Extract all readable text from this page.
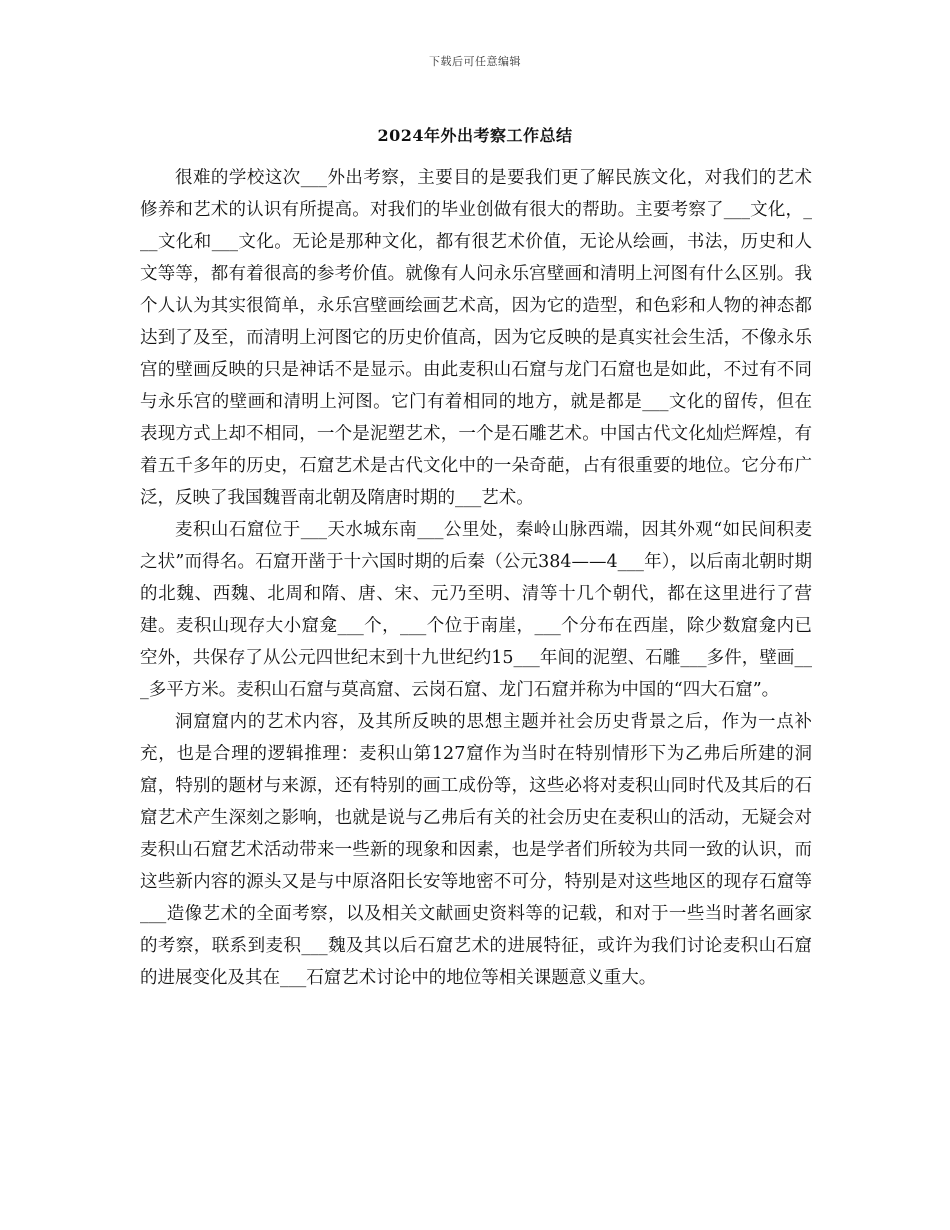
下载后可任意编辑
2024年外出考察工作总结

很难的学校这次___外出考察，主要目的是要我们更了解民族文化，对我们的艺术修养和艺术的认识有所提高。对我们的毕业创做有很大的帮助。主要考察了___文化，___文化和___文化。无论是那种文化，都有很艺术价值，无论从绘画，书法，历史和人文等等，都有着很高的参考价值。就像有人问永乐宫壁画和清明上河图有什么区别。我个人认为其实很简单，永乐宫壁画绘画艺术高，因为它的造型，和色彩和人物的神态都达到了及至，而清明上河图它的历史价值高，因为它反映的是真实社会生活，不像永乐宫的壁画反映的只是神话不是显示。由此麦积山石窟与龙门石窟也是如此，不过有不同与永乐宫的壁画和清明上河图。它门有着相同的地方，就是都是___文化的留传，但在表现方式上却不相同，一个是泥塑艺术，一个是石雕艺术。中国古代文化灿烂辉煌，有着五千多年的历史，石窟艺术是古代文化中的一朵奇葩，占有很重要的地位。它分布广泛，反映了我国魏晋南北朝及隋唐时期的___艺术。

麦积山石窟位于___天水城东南___公里处，秦岭山脉西端，因其外观“如民间积麦之状”而得名。石窟开凿于十六国时期的后秦（公元384——4___年），以后南北朝时期的北魏、西魏、北周和隋、唐、宋、元乃至明、清等十几个朝代，都在这里进行了营建。麦积山现存大小窟龛___个，___个位于南崖，___个分布在西崖，除少数窟龛内已空外，共保存了从公元四世纪末到十九世纪约15___年间的泥塑、石雕___多件，壁画___多平方米。麦积山石窟与莫高窟、云岗石窟、龙门石窟并称为中国的“四大石窟”。

洞窟窟内的艺术内容，及其所反映的思想主题并社会历史背景之后，作为一点补充，也是合理的逻辑推理：麦积山第127窟作为当时在特别情形下为乙弗后所建的洞窟，特别的题材与来源，还有特别的画工成份等，这些必将对麦积山同时代及其后的石窟艺术产生深刻之影响，也就是说与乙弗后有关的社会历史在麦积山的活动，无疑会对麦积山石窟艺术活动带来一些新的现象和因素，也是学者们所较为共同一致的认识，而这些新内容的源头又是与中原洛阳长安等地密不可分，特别是对这些地区的现存石窟等___造像艺术的全面考察，以及相关文献画史资料等的记载，和对于一些当时著名画家的考察，联系到麦积___魏及其以后石窟艺术的进展特征，或许为我们讨论麦积山石窟的进展变化及其在___石窟艺术讨论中的地位等相关课题意义重大。
